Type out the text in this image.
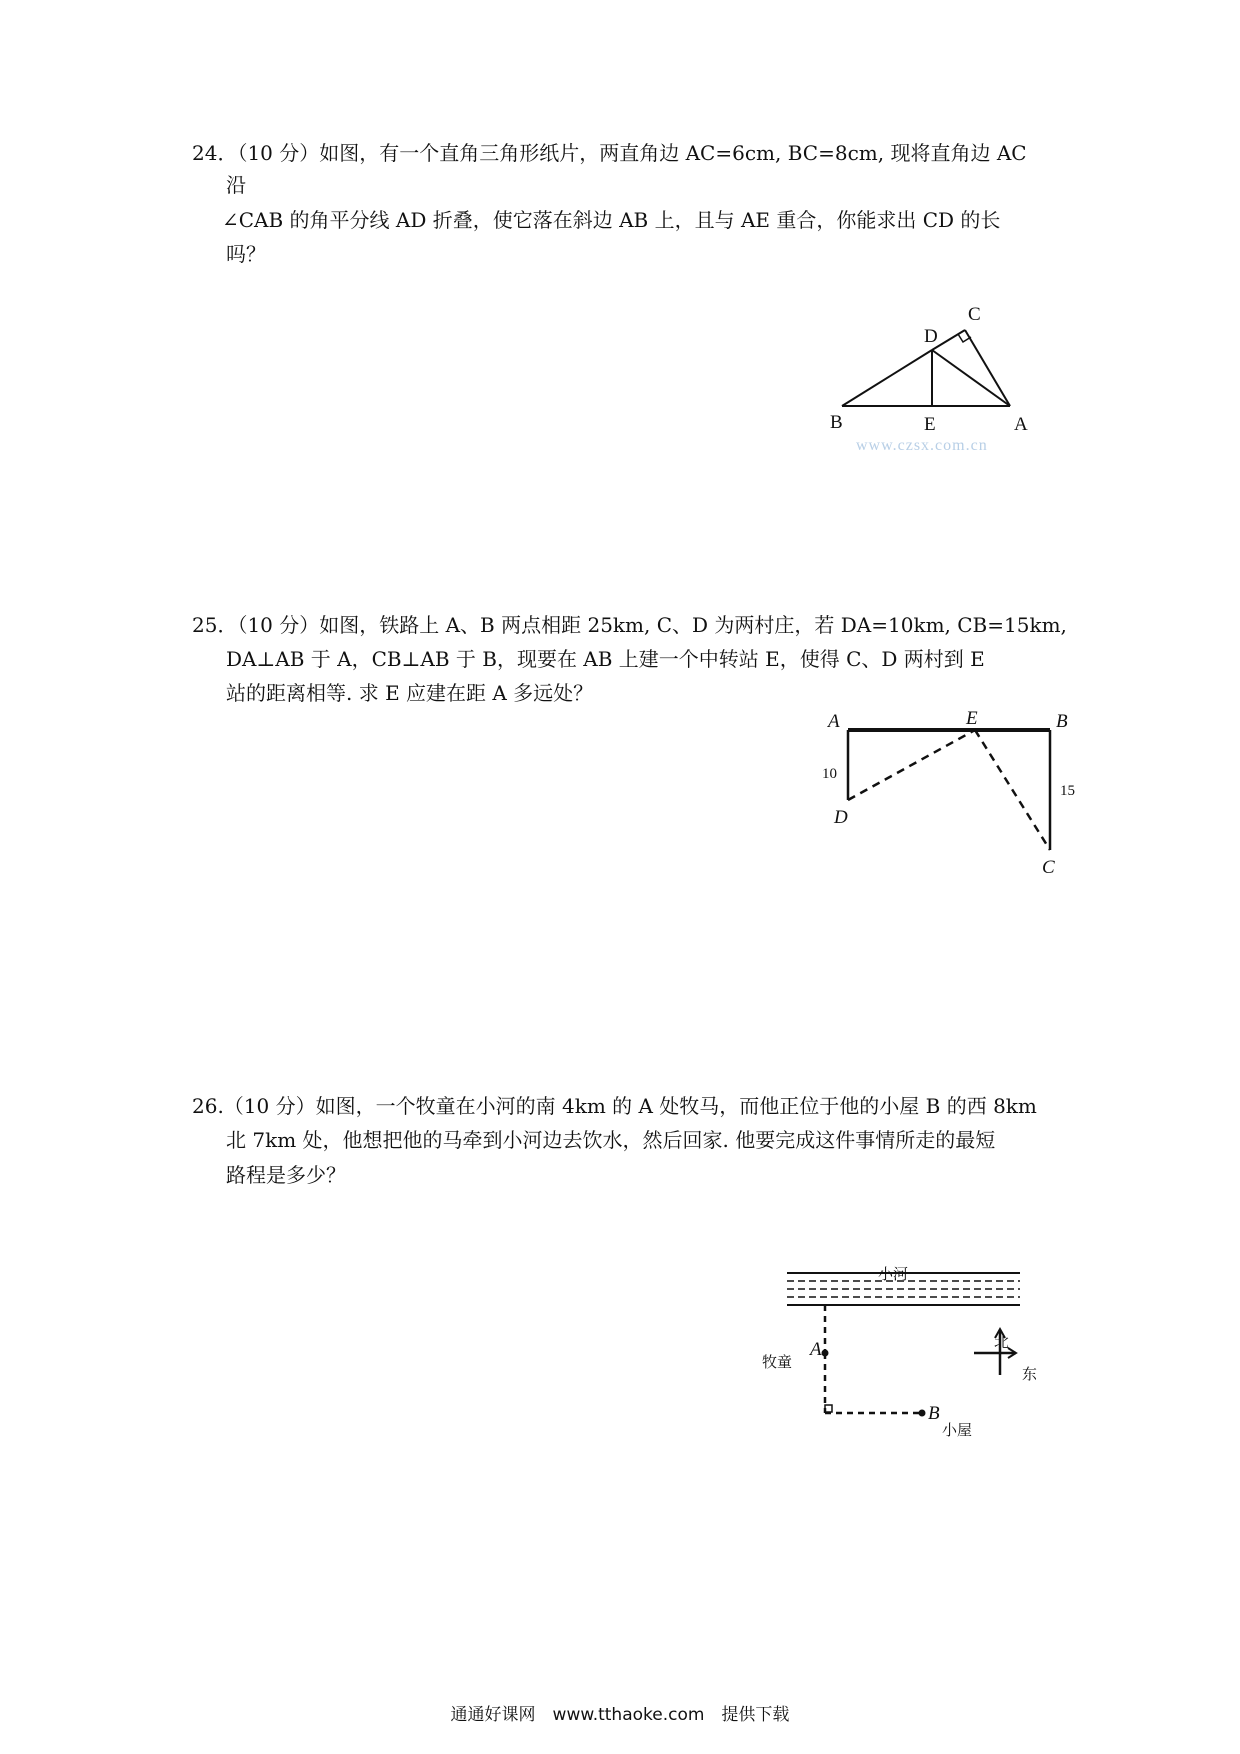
24．（10 分）如图，有一个直角三角形纸片，两直角边 AC=6cm, BC=8cm, 现将直角边 AC
沿
∠CAB 的角平分线 AD 折叠，使它落在斜边 AB 上，且与 AE 重合，你能求出 CD 的长
吗？
B	E	A
D
C
www.czsx.com.cn
25．（10 分）如图，铁路上 A、B 两点相距 25km, C、D 为两村庄，若 DA=10km, CB=15km,
DA⊥AB 于 A，CB⊥AB 于 B，现要在 AB 上建一个中转站 E，使得 C、D 两村到 E
站的距离相等. 求 E 应建在距 A 多远处？
A	E	B
D
C
10
15
26.（10 分）如图，一个牧童在小河的南 4km 的 A 处牧马，而他正位于他的小屋 B 的西 8km
北 7km 处，他想把他的马牵到小河边去饮水，然后回家. 他要完成这件事情所走的最短
路程是多少？
小河
A
牧童
B
小屋
北
东
通通好课网　www.tthaoke.com　提供下载
